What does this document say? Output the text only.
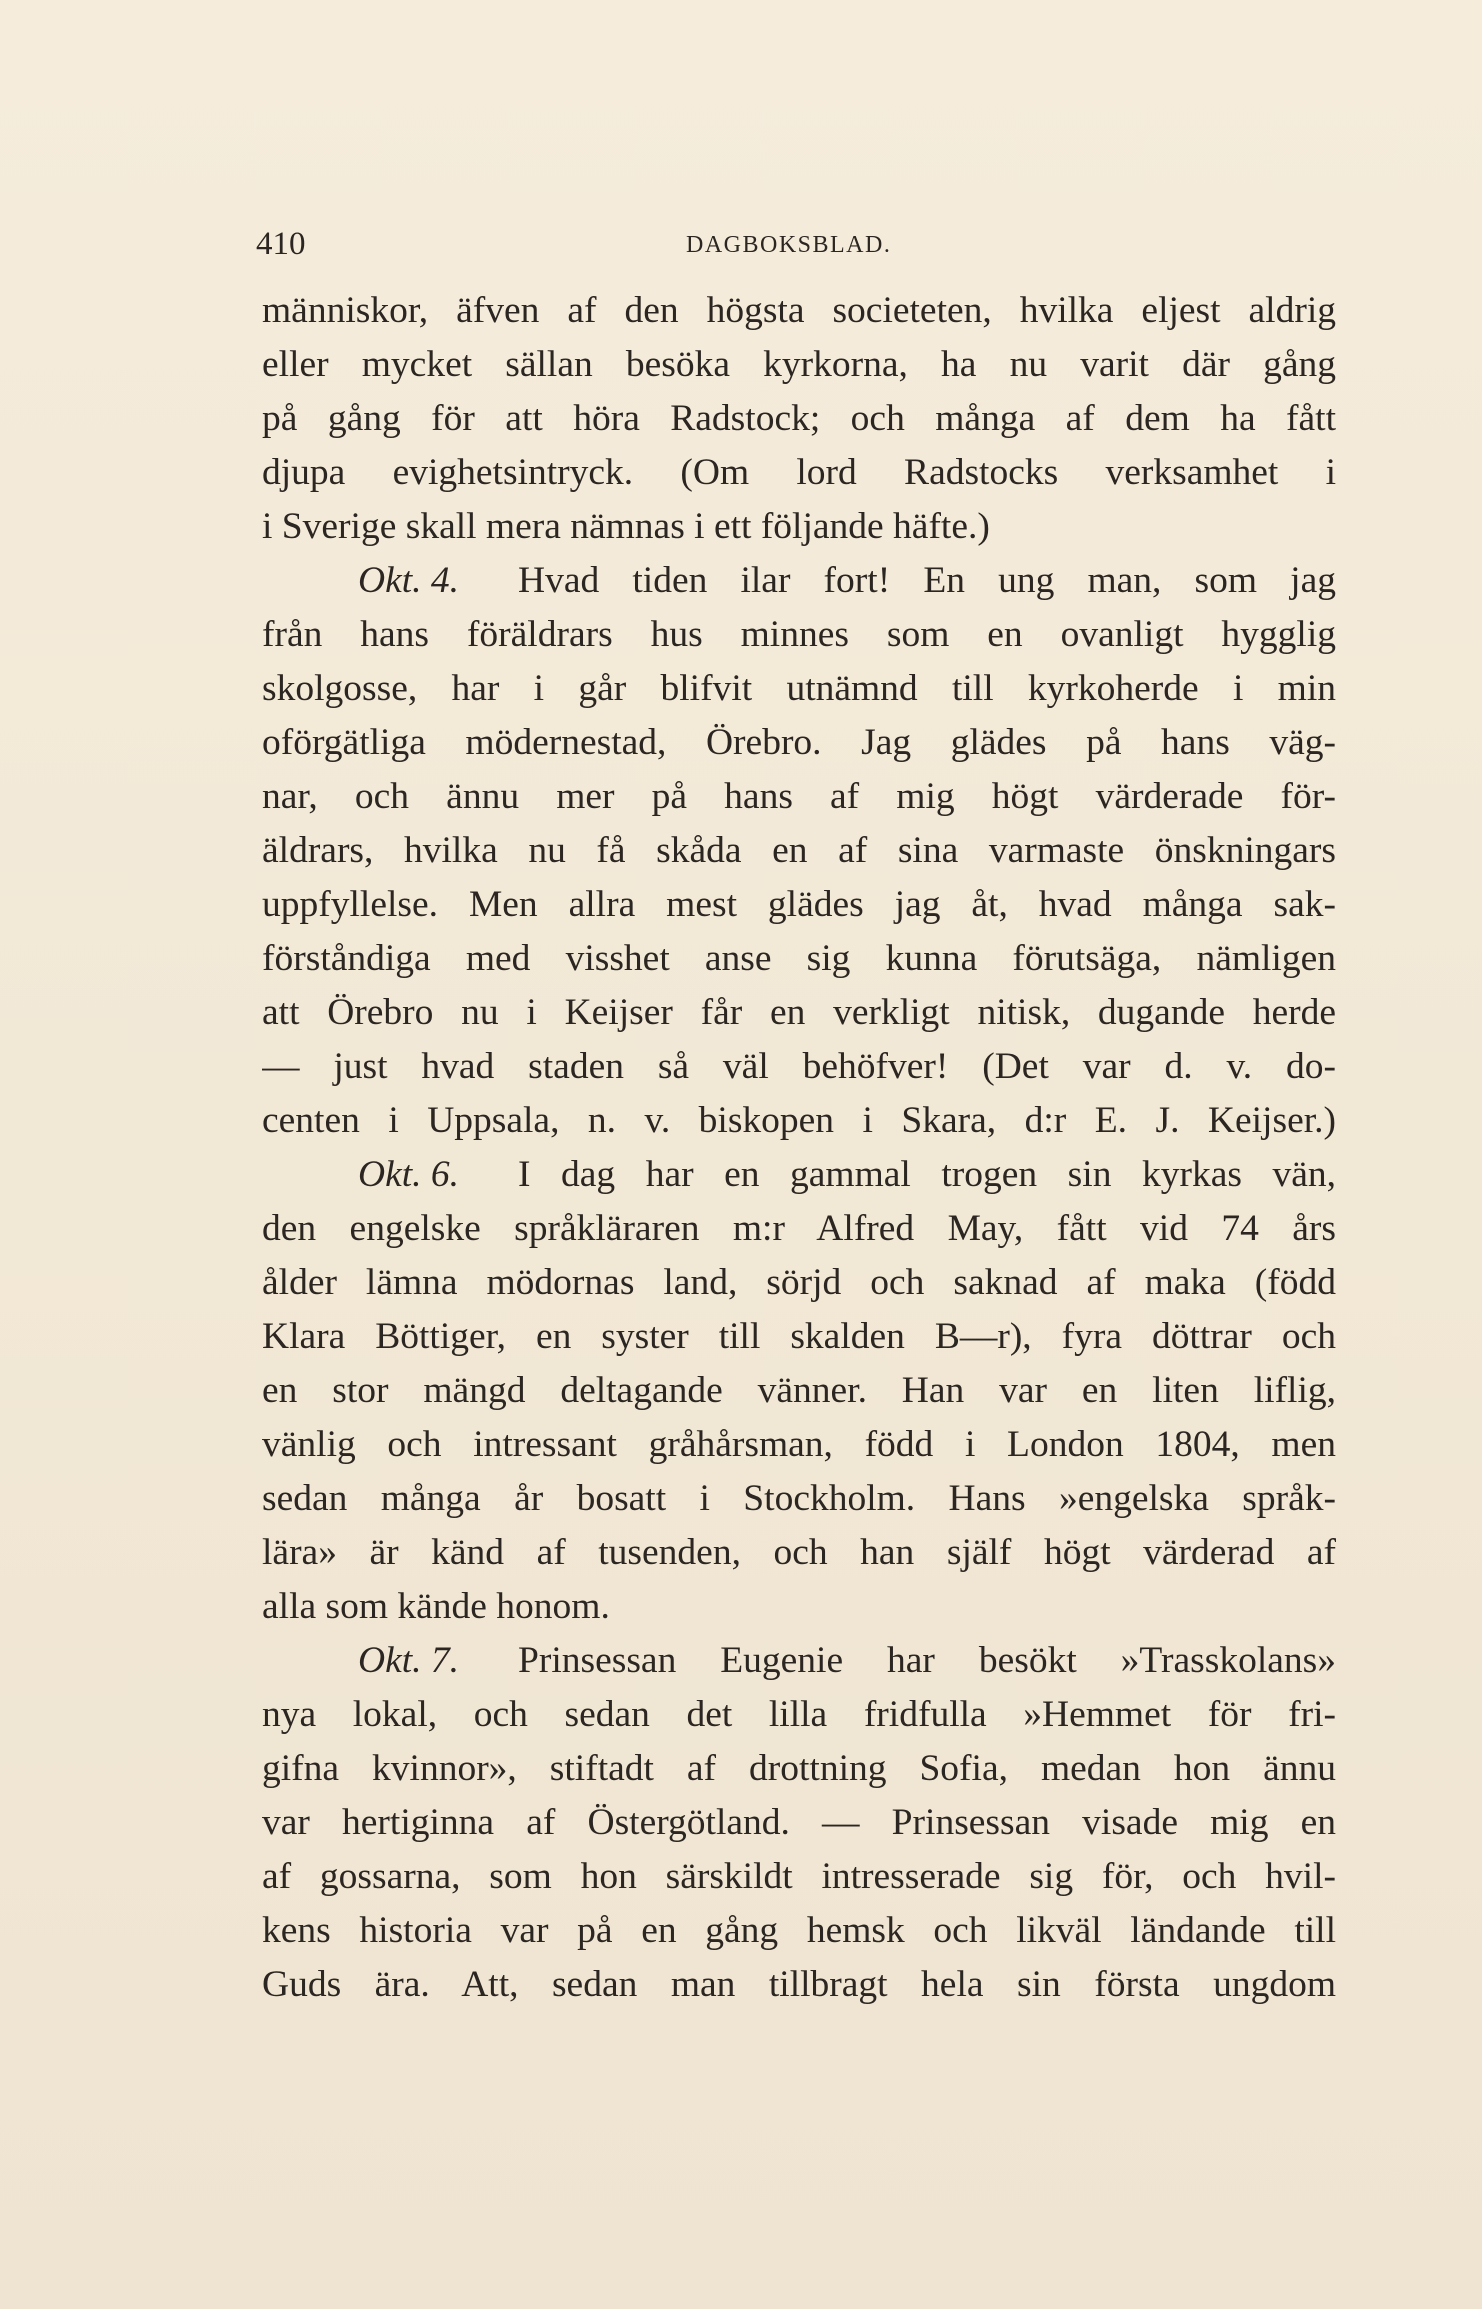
410	DAGBOKSBLAD.
människor, äfven af den högsta societeten, hvilka eljest aldrig
eller mycket sällan besöka kyrkorna, ha nu varit där gång
på gång för att höra Radstock; och många af dem ha fått
djupa evighetsintryck. (Om lord Radstocks verksamhet i
i Sverige skall mera nämnas i ett följande häfte.)
Okt. 4. Hvad tiden ilar fort! En ung man, som jag
från hans föräldrars hus minnes som en ovanligt hygglig
skolgosse, har i går blifvit utnämnd till kyrkoherde i min
oförgätliga mödernestad, Örebro. Jag glädes på hans väg-
nar, och ännu mer på hans af mig högt värderade för-
äldrars, hvilka nu få skåda en af sina varmaste önskningars
uppfyllelse. Men allra mest glädes jag åt, hvad många sak-
förståndiga med visshet anse sig kunna förutsäga, nämligen
att Örebro nu i Keijser får en verkligt nitisk, dugande herde
— just hvad staden så väl behöfver! (Det var d. v. do-
centen i Uppsala, n. v. biskopen i Skara, d:r E. J. Keijser.)
Okt. 6. I dag har en gammal trogen sin kyrkas vän,
den engelske språkläraren m:r Alfred May, fått vid 74 års
ålder lämna mödornas land, sörjd och saknad af maka (född
Klara Böttiger, en syster till skalden B—r), fyra döttrar och
en stor mängd deltagande vänner. Han var en liten liflig,
vänlig och intressant gråhårsman, född i London 1804, men
sedan många år bosatt i Stockholm. Hans »engelska språk-
lära» är känd af tusenden, och han själf högt värderad af
alla som kände honom.
Okt. 7. Prinsessan Eugenie har besökt »Trasskolans»
nya lokal, och sedan det lilla fridfulla »Hemmet för fri-
gifna kvinnor», stiftadt af drottning Sofia, medan hon ännu
var hertiginna af Östergötland. — Prinsessan visade mig en
af gossarna, som hon särskildt intresserade sig för, och hvil-
kens historia var på en gång hemsk och likväl ländande till
Guds ära. Att, sedan man tillbragt hela sin första ungdom
